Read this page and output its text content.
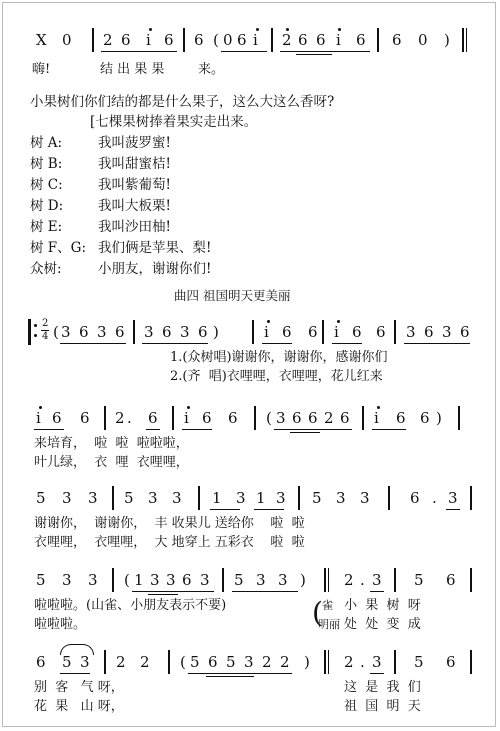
X 0 2 6 i 6 6 ( 0 6 i 2 6 6 i 6 6 0 )
嗨!	结 出 果 果	来。
小果树们你们结的都是什么果子，这么大这么香呀?
[七棵果树捧着果实走出来。
树 A:	我叫菠罗蜜!
树 B:	我叫甜蜜桔!
树 C:	我叫紫葡萄!
树 D:	我叫大板栗!
树 E:	我叫沙田柚!
树 F、G: 我们俩是苹果、梨!
众树:	小朋友，谢谢你们!
曲四 祖国明天更美丽
2
4 ( 3 6 3 6 3 6 3 6 )	i 6 6 i 6 6 3 6 3 6
1.(众树唱)谢谢你，谢谢你，感谢你们
2.(齐  唱)衣哩哩，衣哩哩，花儿红来
i 6 6 2 . 6 i 6 6 ( 3 6 6 2 6 i 6 6 )
来培育，  啦  啦  啦啦啦，
叶儿绿，  衣  哩  衣哩哩，
5 3 3 5 3 3 1 3 1 3 5 3 3	6 . 3
谢谢你，  谢谢你，  丰 收果儿 送给你    啦  啦
衣哩哩，  衣哩哩，  大 地穿上 五彩衣    啦  啦
5 3 3 ( 1 3 3 6 3 5 3 3 )	2 . 3 5 6
啦啦啦。(山雀、小朋友表示不要)
啦啦啦。	( 雀
明丽
小  果  树  呀
处  处  变  成
6 5 3 2 2 ( 5 6 5 3 2 2 ) 2 . 3 5 6
别  客   气 呀，
花  果   山 呀，
这  是  我  们
祖  国  明  天
